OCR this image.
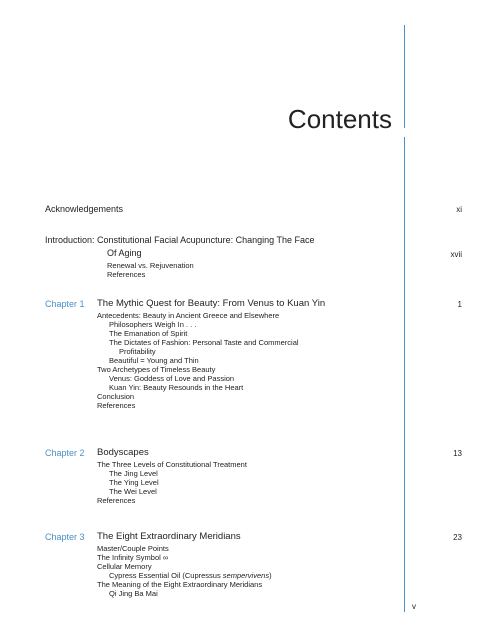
Contents
Acknowledgements	xi
Introduction: Constitutional Facial Acupuncture: Changing The Face
Of Aging	xvii
Renewal vs. Rejuvenation
References
Chapter 1 The Mythic Quest for Beauty: From Venus to Kuan Yin	1
Antecedents: Beauty in Ancient Greece and Elsewhere
Philosophers Weigh In . . .
The Emanation of Spirit
The Dictates of Fashion: Personal Taste and Commercial
Profitability
Beautiful = Young and Thin
Two Archetypes of Timeless Beauty
Venus: Goddess of Love and Passion
Kuan Yin: Beauty Resounds in the Heart
Conclusion
References
Chapter 2 Bodyscapes	13
The Three Levels of Constitutional Treatment
The Jing Level
The Ying Level
The Wei Level
References
Chapter 3 The Eight Extraordinary Meridians	23
Master/Couple Points
The Infinity Symbol ∞
Cellular Memory
Cypress Essential Oil (Cupressus sempervivens)
The Meaning of the Eight Extraordinary Meridians
Qi Jing Ba Mai
v
